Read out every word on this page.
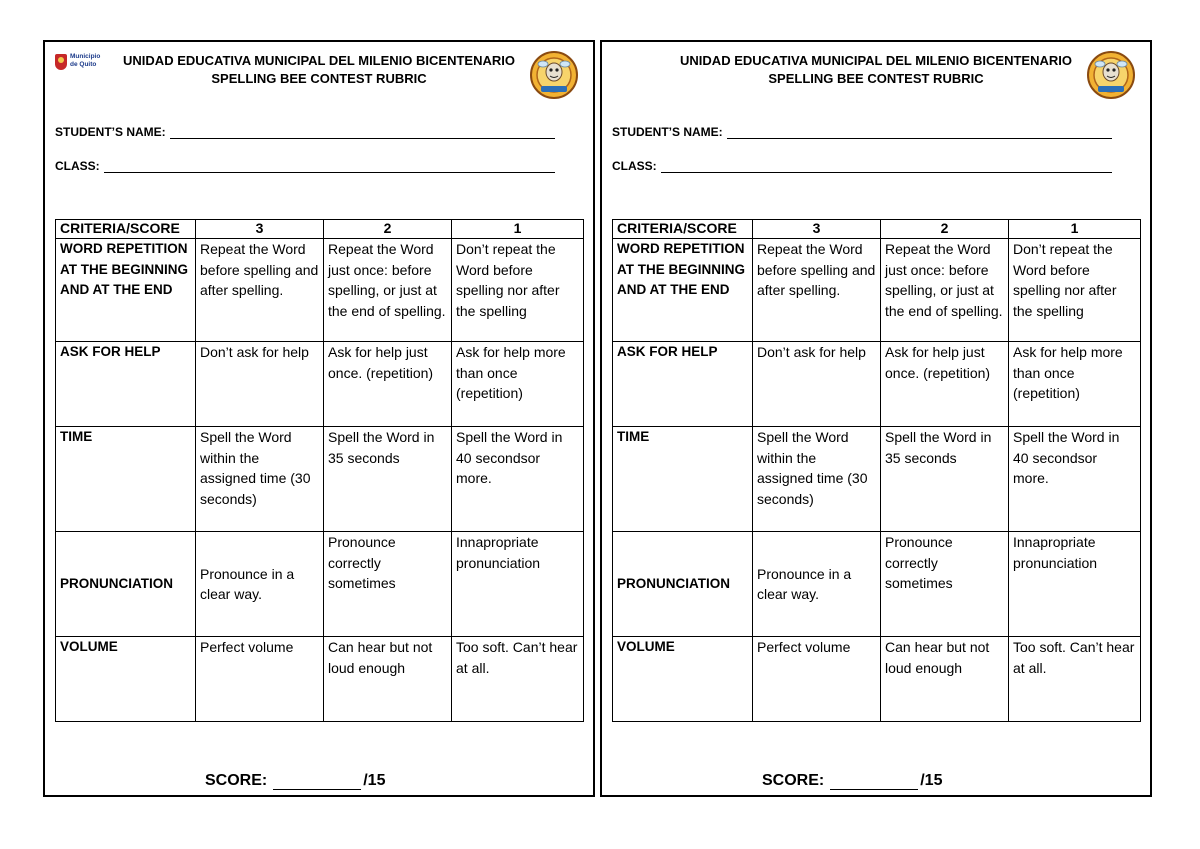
Municipio
de Quito	UNIDAD EDUCATIVA MUNICIPAL DEL MILENIO BICENTENARIO
SPELLING BEE CONTEST RUBRIC
STUDENT’S NAME:
CLASS:
CRITERIA/SCORE	3	2	1
WORD REPETITION AT THE BEGINNING AND AT THE END	Repeat the Word before spelling and after spelling.	Repeat the Word just once: before spelling, or just at the end of spelling.	Don’t repeat the Word before spelling nor after the spelling
ASK FOR HELP	Don’t ask for help	Ask for help just once. (repetition)	Ask for help more than once (repetition)
TIME	Spell the Word within the assigned time (30 seconds)	Spell the Word in 35 seconds	Spell the Word in 40 secondsor more.
PRONUNCIATION	Pronounce in a clear way.	Pronounce correctly sometimes	Innapropriate pronunciation
VOLUME	Perfect volume	Can hear but not loud enough	Too soft. Can’t hear at all.
SCORE:	/15
UNIDAD EDUCATIVA MUNICIPAL DEL MILENIO BICENTENARIO
SPELLING BEE CONTEST RUBRIC
STUDENT’S NAME:
CLASS:
CRITERIA/SCORE	3	2	1
WORD REPETITION AT THE BEGINNING AND AT THE END	Repeat the Word before spelling and after spelling.	Repeat the Word just once: before spelling, or just at the end of spelling.	Don’t repeat the Word before spelling nor after the spelling
ASK FOR HELP	Don’t ask for help	Ask for help just once. (repetition)	Ask for help more than once (repetition)
TIME	Spell the Word within the assigned time (30 seconds)	Spell the Word in 35 seconds	Spell the Word in 40 secondsor more.
PRONUNCIATION	Pronounce in a clear way.	Pronounce correctly sometimes	Innapropriate pronunciation
VOLUME	Perfect volume	Can hear but not loud enough	Too soft. Can’t hear at all.
SCORE:	/15
